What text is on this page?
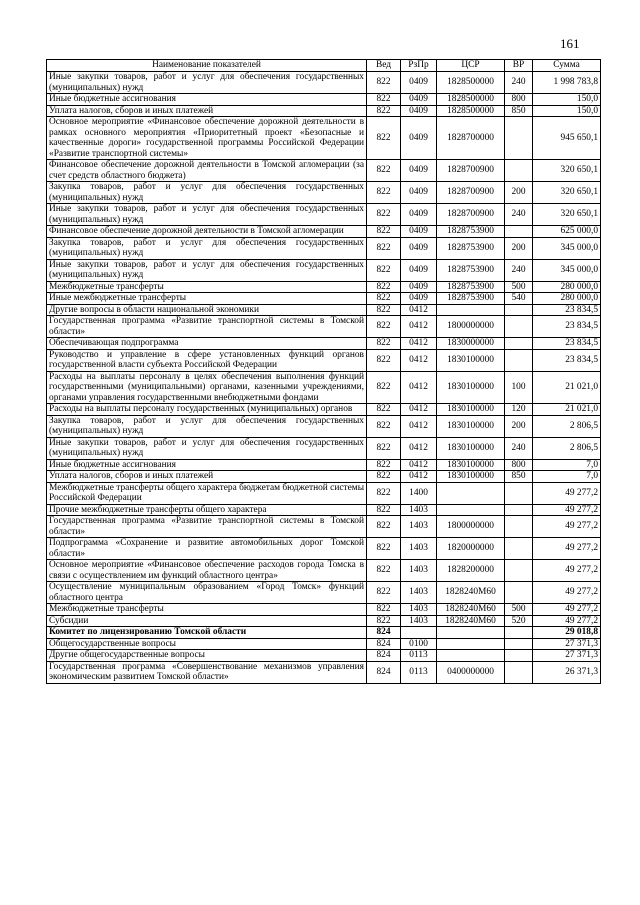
161
Наименование показателей	Вед	РзПр	ЦСР	ВР	Сумма
Иные закупки товаров, работ и услуг для обеспечения государственных (муниципальных) нужд	822	0409	1828500000	240	1 998 783,8
Иные бюджетные ассигнования	822	0409	1828500000	800	150,0
Уплата налогов, сборов и иных платежей	822	0409	1828500000	850	150,0
Основное мероприятие «Финансовое обеспечение дорожной деятельности в рамках основного мероприятия «Приоритетный проект «Безопасные и качественные дороги» государственной программы Российской Федерации «Развитие транспортной системы»	822	0409	1828700000		945 650,1
Финансовое обеспечение дорожной деятельности в Томской агломерации (за счет средств областного бюджета)	822	0409	1828700900		320 650,1
Закупка товаров, работ и услуг для обеспечения государственных (муниципальных) нужд	822	0409	1828700900	200	320 650,1
Иные закупки товаров, работ и услуг для обеспечения государственных (муниципальных) нужд	822	0409	1828700900	240	320 650,1
Финансовое обеспечение дорожной деятельности в Томской агломерации	822	0409	1828753900		625 000,0
Закупка товаров, работ и услуг для обеспечения государственных (муниципальных) нужд	822	0409	1828753900	200	345 000,0
Иные закупки товаров, работ и услуг для обеспечения государственных (муниципальных) нужд	822	0409	1828753900	240	345 000,0
Межбюджетные трансферты	822	0409	1828753900	500	280 000,0
Иные межбюджетные трансферты	822	0409	1828753900	540	280 000,0
Другие вопросы в области национальной экономики	822	0412			23 834,5
Государственная программа «Развитие транспортной системы в Томской области»	822	0412	1800000000		23 834,5
Обеспечивающая подпрограмма	822	0412	1830000000		23 834,5
Руководство и управление в сфере установленных функций органов государственной власти субъекта Российской Федерации	822	0412	1830100000		23 834,5
Расходы на выплаты персоналу в целях обеспечения выполнения функций государственными (муниципальными) органами, казенными учреждениями, органами управления государственными внебюджетными фондами	822	0412	1830100000	100	21 021,0
Расходы на выплаты персоналу государственных (муниципальных) органов	822	0412	1830100000	120	21 021,0
Закупка товаров, работ и услуг для обеспечения государственных (муниципальных) нужд	822	0412	1830100000	200	2 806,5
Иные закупки товаров, работ и услуг для обеспечения государственных (муниципальных) нужд	822	0412	1830100000	240	2 806,5
Иные бюджетные ассигнования	822	0412	1830100000	800	7,0
Уплата налогов, сборов и иных платежей	822	0412	1830100000	850	7,0
Межбюджетные трансферты общего характера бюджетам бюджетной системы Российской Федерации	822	1400			49 277,2
Прочие межбюджетные трансферты общего характера	822	1403			49 277,2
Государственная программа «Развитие транспортной системы в Томской области»	822	1403	1800000000		49 277,2
Подпрограмма «Сохранение и развитие автомобильных дорог Томской области»	822	1403	1820000000		49 277,2
Основное мероприятие «Финансовое обеспечение расходов города Томска в связи с осуществлением им функций областного центра»	822	1403	1828200000		49 277,2
Осуществление муниципальным образованием «Город Томск» функций областного центра	822	1403	1828240М60		49 277,2
Межбюджетные трансферты	822	1403	1828240М60	500	49 277,2
Субсидии	822	1403	1828240М60	520	49 277,2
Комитет по лицензированию Томской области	824				29 018,8
Общегосударственные вопросы	824	0100			27 371,3
Другие общегосударственные вопросы	824	0113			27 371,3
Государственная программа «Совершенствование механизмов управления экономическим развитием Томской области»	824	0113	0400000000		26 371,3
